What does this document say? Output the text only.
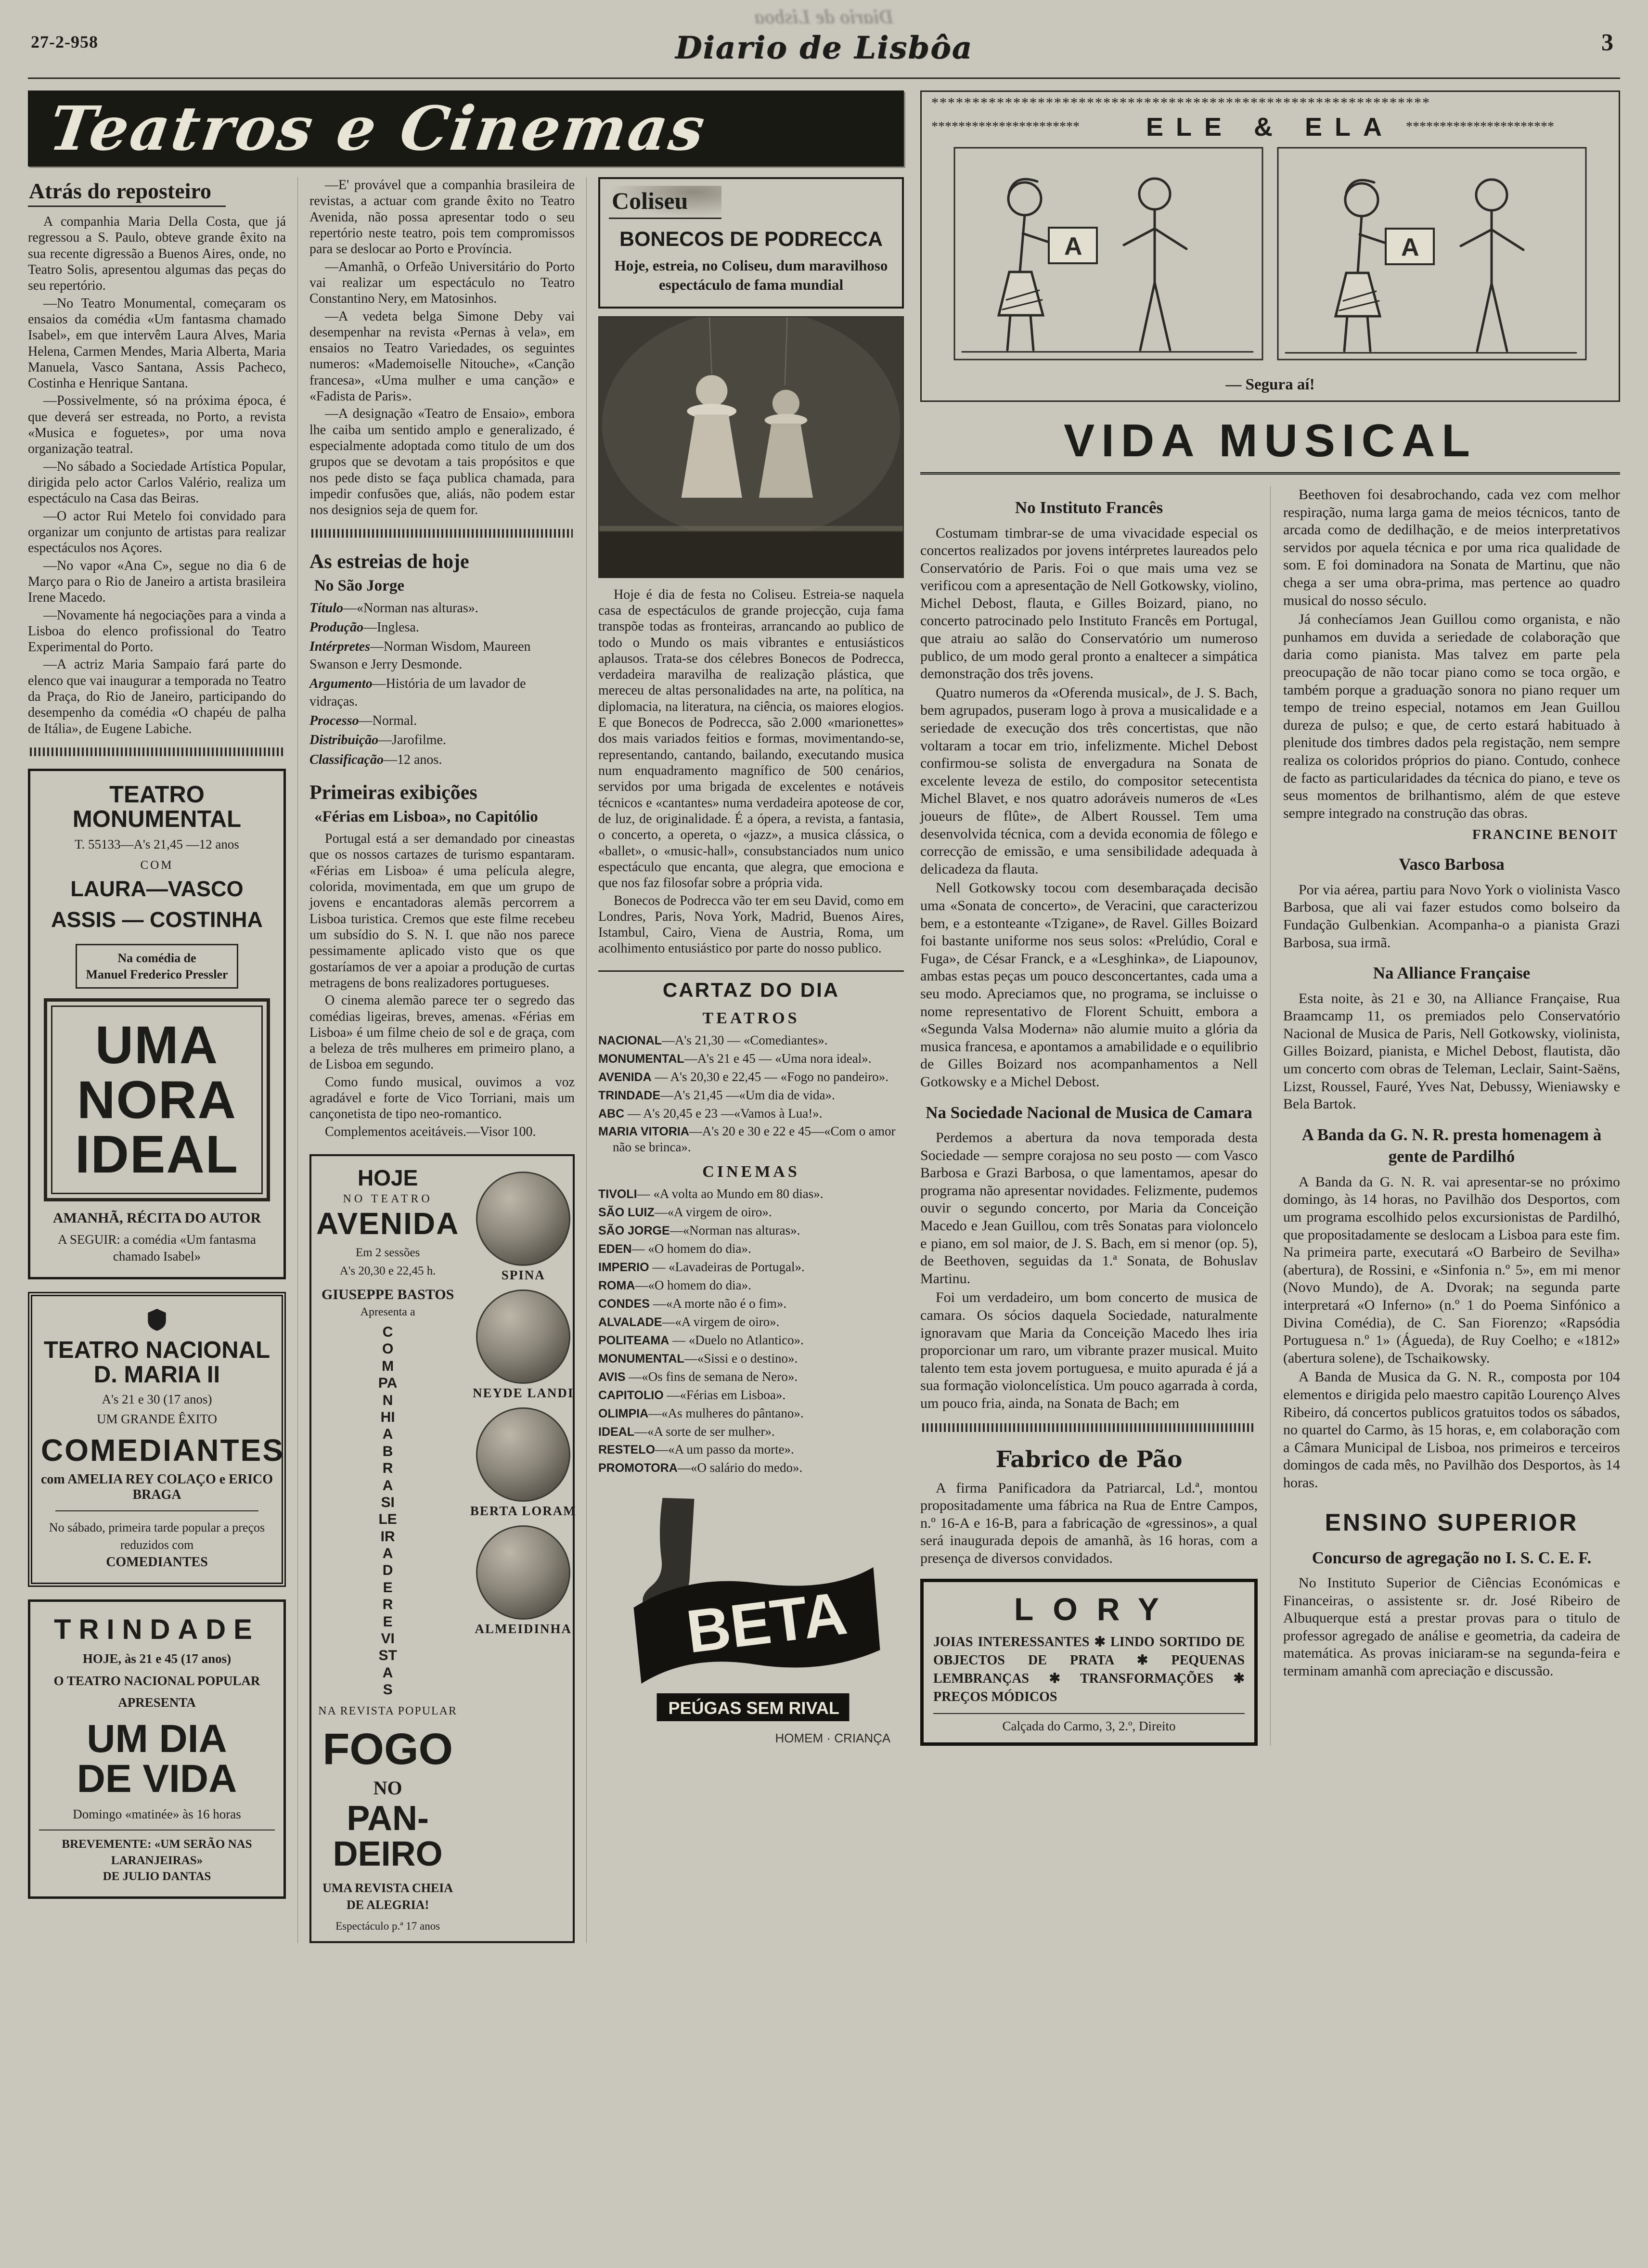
Diario de Lisboa
27-2-958	Diario de Lisbôa	3
Teatros e Cinemas
Atrás do reposteiro

A companhia Maria Della Costa, que já regressou a S. Paulo, obteve grande êxito na sua recente digressão a Buenos Aires, onde, no Teatro Solis, apresentou algumas das peças do seu repertório.

—No Teatro Monumental, começaram os ensaios da comédia «Um fantasma chamado Isabel», em que intervêm Laura Alves, Maria Helena, Carmen Mendes, Maria Alberta, Maria Manuela, Vasco Santana, Assis Pacheco, Costinha e Henrique Santana.

—Possivelmente, só na próxima época, é que deverá ser estreada, no Porto, a revista «Musica e foguetes», por uma nova organização teatral.

—No sábado a Sociedade Artística Popular, dirigida pelo actor Carlos Valério, realiza um espectáculo na Casa das Beiras.

—O actor Rui Metelo foi convidado para organizar um conjunto de artistas para realizar espectáculos nos Açores.

—No vapor «Ana C», segue no dia 6 de Março para o Rio de Janeiro a artista brasileira Irene Macedo.

—Novamente há negociações para a vinda a Lisboa do elenco profissional do Teatro Experimental do Porto.

—A actriz Maria Sampaio fará parte do elenco que vai inaugurar a temporada no Teatro da Praça, do Rio de Janeiro, participando do desempenho da comédia «O chapéu de palha de Itália», de Eugene Labiche.

TEATRO MONUMENTAL
T. 55133—A's 21,45 —12 anos
COM
LAURA—VASCO
ASSIS — COSTINHA
Na comédia de
Manuel Frederico Pressler

UMA

NORA

IDEAL

AMANHÃ, RÉCITA DO AUTOR
A SEGUIR: a comédia «Um fantasma chamado Isabel»
TEATRO NACIONAL D. MARIA II
A's 21 e 30 (17 anos)
UM GRANDE ÊXITO
COMEDIANTES
com AMELIA REY COLAÇO e ERICO BRAGA
No sábado, primeira tarde popular a preços reduzidos com
COMEDIANTES
TRINDADE
HOJE, às 21 e 45 (17 anos)
O TEATRO NACIONAL POPULAR
APRESENTA
UM DIA DE VIDA
Domingo «matinée» às 16 horas
BREVEMENTE: «UM SERÃO NAS LARANJEIRAS»
DE JULIO DANTAS

—E' provável que a companhia brasileira de revistas, a actuar com grande êxito no Teatro Avenida, não possa apresentar todo o seu repertório neste teatro, pois tem compromissos para se deslocar ao Porto e Província.

—Amanhã, o Orfeão Universitário do Porto vai realizar um espectáculo no Teatro Constantino Nery, em Matosinhos.

—A vedeta belga Simone Deby vai desempenhar na revista «Pernas à vela», em ensaios no Teatro Variedades, os seguintes numeros: «Mademoiselle Nitouche», «Canção francesa», «Uma mulher e uma canção» e «Fadista de Paris».

—A designação «Teatro de Ensaio», embora lhe caiba um sentido amplo e generalizado, é especialmente adoptada como titulo de um dos grupos que se devotam a tais propósitos e que nos pede disto se faça publica chamada, para impedir confusões que, aliás, não podem estar nos designios seja de quem for.

As estreias de hoje
No São Jorge

Título—«Norman nas alturas».

Produção—Inglesa.

Intérpretes—Norman Wisdom, Maureen Swanson e Jerry Desmonde.

Argumento—História de um lavador de vidraças.

Processo—Normal.

Distribuição—Jarofilme.

Classificação—12 anos.

Primeiras exibições
«Férias em Lisboa», no Capitólio

Portugal está a ser demandado por cineastas que os nossos cartazes de turismo espantaram. «Férias em Lisboa» é uma película alegre, colorida, movimentada, em que um grupo de jovens e encantadoras alemãs percorrem a Lisboa turistica. Cremos que este filme recebeu um subsídio do S. N. I. que não nos parece pessimamente aplicado visto que os que gostaríamos de ver a apoiar a produção de curtas metragens de bons realizadores portugueses.

O cinema alemão parece ter o segredo das comédias ligeiras, breves, amenas. «Férias em Lisboa» é um filme cheio de sol e de graça, com a beleza de três mulheres em primeiro plano, a de Lisboa em segundo.

Como fundo musical, ouvimos a voz agradável e forte de Vico Torriani, mais um cançonetista de tipo neo-romantico.

Complementos aceitáveis.—Visor 100.

HOJE
NO TEATRO
AVENIDA
Em 2 sessões
A's 20,30 e 22,45 h.
GIUSEPPE BASTOS
Apresenta a
COMPANHIA BRASILEIRA DE REVISTAS
NA REVISTA POPULAR
FOGO
NO
PAN-DEIRO
UMA REVISTA CHEIA DE ALEGRIA!
Espectáculo p.ª 17 anos
SPINA
NEYDE LANDI
BERTA LORAM
ALMEIDINHA
Coliseu
BONECOS DE PODRECCA
Hoje, estreia, no Coliseu, dum maravilhoso espectáculo de fama mundial

Hoje é dia de festa no Coliseu. Estreia-se naquela casa de espectáculos de grande projecção, cuja fama transpõe todas as fronteiras, arrancando ao publico de todo o Mundo os mais vibrantes e entusiásticos aplausos. Trata-se dos célebres Bonecos de Podrecca, verdadeira maravilha de realização plástica, que mereceu de altas personalidades na arte, na política, na diplomacia, na literatura, na ciência, os maiores elogios. E que Bonecos de Podrecca, são 2.000 «marionettes» dos mais variados feitios e formas, movimentando-se, representando, cantando, bailando, executando musica num enquadramento magnífico de 500 cenários, servidos por uma brigada de excelentes e notáveis técnicos e «cantantes» numa verdadeira apoteose de cor, de luz, de originalidade. É a ópera, a revista, a fantasia, o concerto, a opereta, o «jazz», a musica clássica, o «ballet», o «music-hall», consubstanciados num unico espectáculo que encanta, que alegra, que emociona e que nos faz filosofar sobre a própria vida.

Bonecos de Podrecca vão ter em seu David, como em Londres, Paris, Nova York, Madrid, Buenos Aires, Istambul, Cairo, Viena de Austria, Roma, um acolhimento entusiástico por parte do nosso publico.

CARTAZ DO DIA
TEATROS

NACIONAL—A's 21,30 — «Comediantes».

MONUMENTAL—A's 21 e 45 — «Uma nora ideal».

AVENIDA — A's 20,30 e 22,45 — «Fogo no pandeiro».

TRINDADE—A's 21,45 —«Um dia de vida».

ABC — A's 20,45 e 23 —«Vamos à Lua!».

MARIA VITORIA—A's 20 e 30 e 22 e 45—«Com o amor não se brinca».

CINEMAS

TIVOLI— «A volta ao Mundo em 80 dias».

SÃO LUIZ—«A virgem de oiro».

SÃO JORGE—«Norman nas alturas».

EDEN— «O homem do dia».

IMPERIO — «Lavadeiras de Portugal».

ROMA—«O homem do dia».

CONDES —«A morte não é o fim».

ALVALADE—«A virgem de oiro».

POLITEAMA — «Duelo no Atlantico».

MONUMENTAL—«Sissi e o destino».

AVIS —«Os fins de semana de Nero».

CAPITOLIO —«Férias em Lisboa».

OLIMPIA—«As mulheres do pântano».

IDEAL—«A sorte de ser mulher».

RESTELO—«A um passo da morte».

PROMOTORA—«O salário do medo».

BETA
PEÚGAS SEM RIVAL
HOMEM · CRIANÇA
*****
*****
ELE & ELA
*****
A	A
— Segura aí!
VIDA MUSICAL
No Instituto Francês

Costumam timbrar-se de uma vivacidade especial os concertos realizados por jovens intérpretes laureados pelo Conservatório de Paris. Foi o que mais uma vez se verificou com a apresentação de Nell Gotkowsky, violino, Michel Debost, flauta, e Gilles Boizard, piano, no concerto patrocinado pelo Instituto Francês em Portugal, que atraiu ao salão do Conservatório um numeroso publico, de um modo geral pronto a enaltecer a simpática demonstração dos três jovens.

Quatro numeros da «Oferenda musical», de J. S. Bach, bem agrupados, puseram logo à prova a musicalidade e a seriedade de execução dos três concertistas, que não voltaram a tocar em trio, infelizmente. Michel Debost confirmou-se solista de envergadura na Sonata de excelente leveza de estilo, do compositor setecentista Michel Blavet, e nos quatro adoráveis numeros de «Les joueurs de flûte», de Albert Roussel. Tem uma desenvolvida técnica, com a devida economia de fôlego e correcção de emissão, e uma sensibilidade adequada à delicadeza da flauta.

Nell Gotkowsky tocou com desembaraçada decisão uma «Sonata de concerto», de Veracini, que caracterizou bem, e a estonteante «Tzigane», de Ravel. Gilles Boizard foi bastante uniforme nos seus solos: «Prelúdio, Coral e Fuga», de César Franck, e a «Lesghinka», de Liapounov, ambas estas peças um pouco desconcertantes, cada uma a seu modo. Apreciamos que, no programa, se incluisse o nome representativo de Florent Schuitt, embora a «Segunda Valsa Moderna» não alumie muito a glória da musica francesa, e apontamos a amabilidade e o equilibrio de Gilles Boizard nos acompanhamentos a Nell Gotkowsky e a Michel Debost.

Na Sociedade Nacional de Musica de Camara

Perdemos a abertura da nova temporada desta Sociedade — sempre corajosa no seu posto — com Vasco Barbosa e Grazi Barbosa, o que lamentamos, apesar do programa não apresentar novidades. Felizmente, pudemos ouvir o segundo concerto, por Maria da Conceição Macedo e Jean Guillou, com três Sonatas para violoncelo e piano, em sol maior, de J. S. Bach, em si menor (op. 5), de Beethoven, seguidas da 1.ª Sonata, de Bohuslav Martinu.

Foi um verdadeiro, um bom concerto de musica de camara. Os sócios daquela Sociedade, naturalmente ignoravam que Maria da Conceição Macedo lhes iria proporcionar um raro, um vibrante prazer musical. Muito talento tem esta jovem portuguesa, e muito apurada é já a sua formação violoncelística. Um pouco agarrada à corda, um pouco fria, ainda, na Sonata de Bach; em

Fabrico de Pão

A firma Panificadora da Patriarcal, Ld.ª, montou propositadamente uma fábrica na Rua de Entre Campos, n.º 16-A e 16-B, para a fabricação de «gressinos», a qual será inaugurada depois de amanhã, às 16 horas, com a presença de diversos convidados.

LORY
JOIAS INTERESSANTES ✱ LINDO SORTIDO DE OBJECTOS DE PRATA ✱ PEQUENAS LEMBRANÇAS ✱ TRANSFORMAÇÕES ✱ PREÇOS MÓDICOS
Calçada do Carmo, 3, 2.º, Direito

Beethoven foi desabrochando, cada vez com melhor respiração, numa larga gama de meios técnicos, tanto de arcada como de dedilhação, e de meios interpretativos servidos por aquela técnica e por uma rica qualidade de som. E foi dominadora na Sonata de Martinu, que não chega a ser uma obra-prima, mas pertence ao quadro musical do nosso século.

Já conhecíamos Jean Guillou como organista, e não punhamos em duvida a seriedade de colaboração que daria como pianista. Mas talvez em parte pela preocupação de não tocar piano como se toca orgão, e também porque a graduação sonora no piano requer um tempo de treino especial, notamos em Jean Guillou dureza de pulso; e que, de certo estará habituado à plenitude dos timbres dados pela registação, nem sempre realiza os coloridos próprios do piano. Contudo, conhece de facto as particularidades da técnica do piano, e teve os seus momentos de brilhantismo, além de que esteve sempre integrado na construção das obras.

FRANCINE BENOIT
Vasco Barbosa

Por via aérea, partiu para Novo York o violinista Vasco Barbosa, que ali vai fazer estudos como bolseiro da Fundação Gulbenkian. Acompanha-o a pianista Grazi Barbosa, sua irmã.

Na Alliance Française

Esta noite, às 21 e 30, na Alliance Française, Rua Braamcamp 11, os premiados pelo Conservatório Nacional de Musica de Paris, Nell Gotkowsky, violinista, Gilles Boizard, pianista, e Michel Debost, flautista, dão um concerto com obras de Teleman, Leclair, Saint-Saëns, Lizst, Roussel, Fauré, Yves Nat, Debussy, Wieniawsky e Bela Bartok.

A Banda da G. N. R. presta homenagem à gente de Pardilhó

A Banda da G. N. R. vai apresentar-se no próximo domingo, às 14 horas, no Pavilhão dos Desportos, com um programa escolhido pelos excursionistas de Pardilhó, que propositadamente se deslocam a Lisboa para este fim. Na primeira parte, executará «O Barbeiro de Sevilha» (abertura), de Rossini, e «Sinfonia n.º 5», em mi menor (Novo Mundo), de A. Dvorak; na segunda parte interpretará «O Inferno» (n.º 1 do Poema Sinfónico a Divina Comédia), de C. San Fiorenzo; «Rapsódia Portuguesa n.º 1» (Águeda), de Ruy Coelho; e «1812» (abertura solene), de Tschaikowsky.

A Banda de Musica da G. N. R., composta por 104 elementos e dirigida pelo maestro capitão Lourenço Alves Ribeiro, dá concertos publicos gratuitos todos os sábados, no quartel do Carmo, às 15 horas, e, em colaboração com a Câmara Municipal de Lisboa, nos primeiros e terceiros domingos de cada mês, no Pavilhão dos Desportos, às 14 horas.

ENSINO SUPERIOR
Concurso de agregação no I. S. C. E. F.

No Instituto Superior de Ciências Económicas e Financeiras, o assistente sr. dr. José Ribeiro de Albuquerque está a prestar provas para o titulo de professor agregado de análise e geometria, da cadeira de matemática. As provas iniciaram-se na segunda-feira e terminam amanhã com apreciação e discussão.
